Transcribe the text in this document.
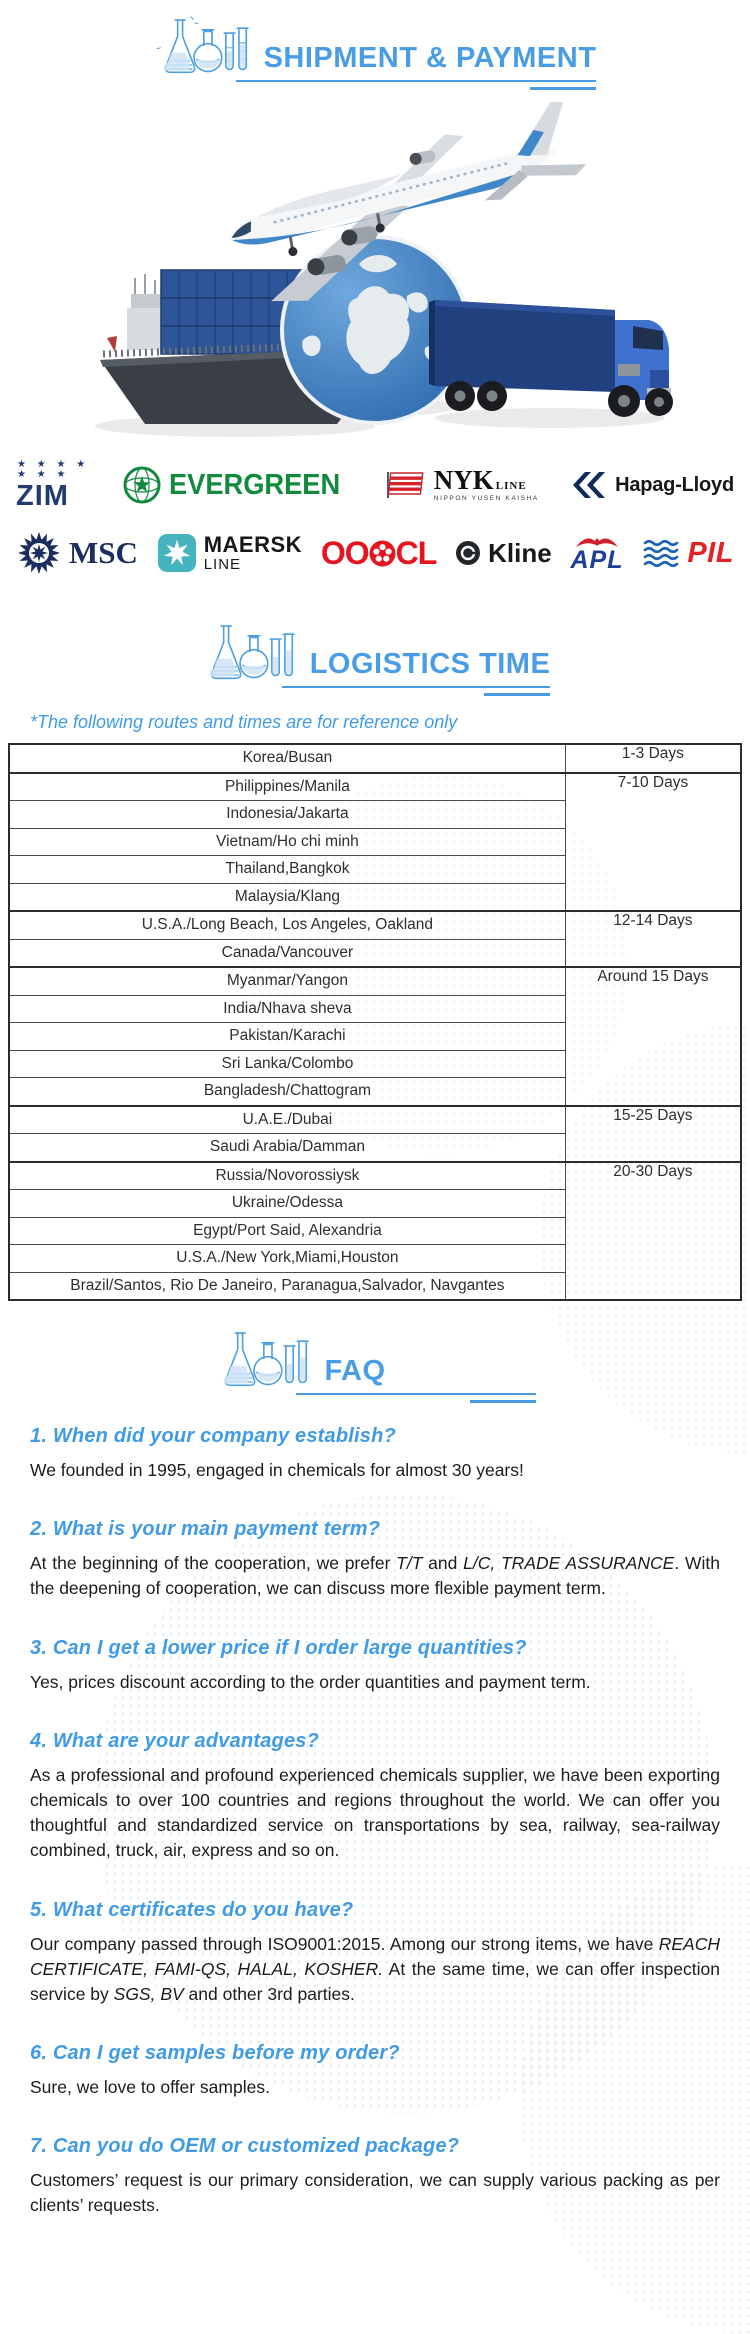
SHIPMENT & PAYMENT
★ ★ ★ ★
★ ★ ★
ZIM	EVERGREEN	NYK LINE
NIPPON YUSEN KAISHA
Hapag-Lloyd
MSC	MAERSK
LINE	OO CL Kline APL PIL
LOGISTICS TIME
*The following routes and times are for reference only
Korea/Busan	1-3 Days
Philippines/Manila	7-10 Days
Indonesia/Jakarta	
Vietnam/Ho chi minh	
Thailand,Bangkok	
Malaysia/Klang	
U.S.A./Long Beach, Los Angeles, Oakland	12-14 Days
Canada/Vancouver	
Myanmar/Yangon	Around 15 Days
India/Nhava sheva	
Pakistan/Karachi	
Sri Lanka/Colombo	
Bangladesh/Chattogram	
U.A.E./Dubai	15-25 Days
Saudi Arabia/Damman	
Russia/Novorossiysk	20-30 Days
Ukraine/Odessa	
Egypt/Port Said, Alexandria	
U.S.A./New York,Miami,Houston	
Brazil/Santos, Rio De Janeiro, Paranagua,Salvador, Navgantes	
FAQ
1. When did your company establish?

We founded in 1995, engaged in chemicals for almost 30 years!

2. What is your main payment term?

At the beginning of the cooperation, we prefer T/T and L/C, TRADE ASSURANCE. With the deepening of cooperation, we can discuss more flexible payment term.

3. Can I get a lower price if I order large quantities?

Yes, prices discount according to the order quantities and payment term.

4. What are your advantages?

As a professional and profound experienced chemicals supplier, we have been exporting chemicals to over 100 countries and regions throughout the world. We can offer you thoughtful and standardized service on transportations by sea, railway, sea-railway combined, truck, air, express and so on.

5. What certificates do you have?

Our company passed through ISO9001:2015. Among our strong items, we have REACH CERTIFICATE, FAMI-QS, HALAL, KOSHER. At the same time, we can offer inspection service by SGS, BV and other 3rd parties.

6. Can I get samples before my order?

Sure, we love to offer samples.

7. Can you do OEM or customized package?

Customers’ request is our primary consideration, we can supply various packing as per clients’ requests.
